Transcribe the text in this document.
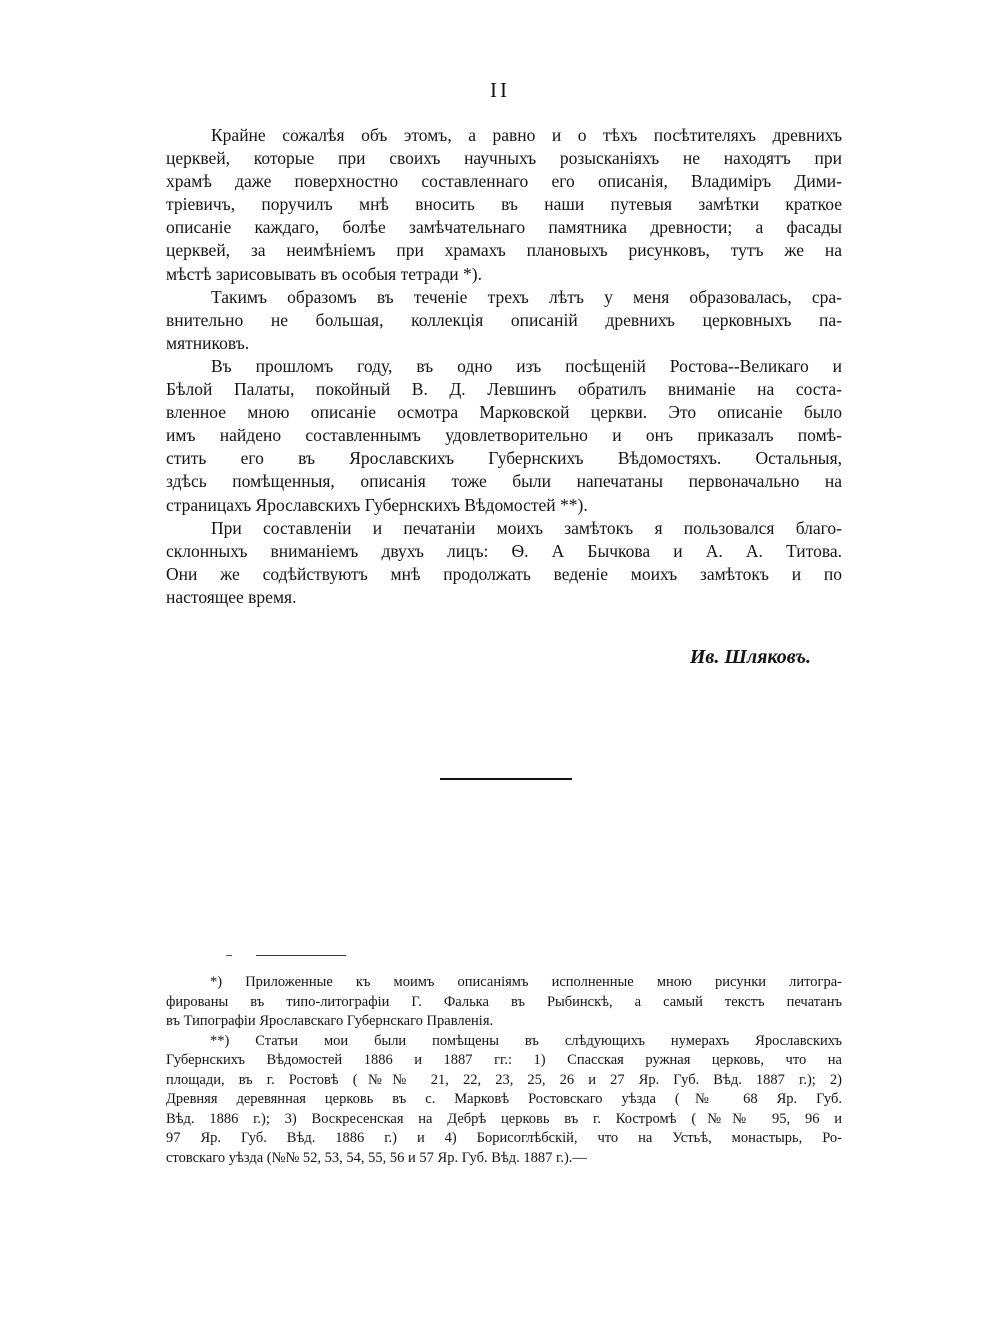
II
Крайне сожалѣя объ этомъ, а равно и о тѣхъ посѣтителяхъ древнихъ
церквей, которые при своихъ научныхъ розысканіяхъ не находятъ при
храмѣ даже поверхностно составленнаго его описанія, Владиміръ Дими-
тріевичъ, поручилъ мнѣ вносить въ наши путевыя замѣтки краткое
описаніе каждаго, болѣе замѣчательнаго памятника древности; а фасады
церквей, за неимѣніемъ при храмахъ плановыхъ рисунковъ, тутъ же на
мѣстѣ зарисовывать въ особыя тетради *).
Такимъ образомъ въ теченіе трехъ лѣтъ у меня образовалась, сра-
внительно не большая, коллекція описаній древнихъ церковныхъ па-
мятниковъ.
Въ прошломъ году, въ одно изъ посѣщеній Ростова--Великаго и
Бѣлой Палаты, покойный В. Д. Левшинъ обратилъ вниманіе на соста-
вленное мною описаніе осмотра Марковской церкви. Это описаніе было
имъ найдено составленнымъ удовлетворительно и онъ приказалъ помѣ-
стить его въ Ярославскихъ Губернскихъ Вѣдомостяхъ. Остальныя,
здѣсь помѣщенныя, описанія тоже были напечатаны первоначально на
страницахъ Ярославскихъ Губернскихъ Вѣдомостей **).
При составленіи и печатаніи моихъ замѣтокъ я пользовался благо-
склонныхъ вниманіемъ двухъ лицъ: Ѳ. А Бычкова и А. А. Титова.
Они же содѣйствуютъ мнѣ продолжать веденіе моихъ замѣтокъ и по
настоящее время.
Ив. Шляковъ.
*) Приложенные къ моимъ описаніямъ исполненные мною рисунки литогра-
фированы въ типо-литографіи Г. Фалька въ Рыбинскѣ, а самый текстъ печатанъ
въ Типографіи Ярославскаго Губернскаго Правленія.
**) Статьи мои были помѣщены въ слѣдующихъ нумерахъ Ярославскихъ
Губернскихъ Вѣдомостей 1886 и 1887 гг.: 1) Спасская ружная церковь, что на
площади, въ г. Ростовѣ (№№ 21, 22, 23, 25, 26 и 27 Яр. Губ. Вѣд. 1887 г.); 2)
Древняя деревянная церковь въ с. Марковѣ Ростовскаго уѣзда (№ 68 Яр. Губ.
Вѣд. 1886 г.); 3) Воскресенская на Дебрѣ церковь въ г. Костромѣ (№№ 95, 96 и
97 Яр. Губ. Вѣд. 1886 г.) и 4) Борисоглѣбскій, что на Устьѣ, монастырь, Ро-
стовскаго уѣзда (№№ 52, 53, 54, 55, 56 и 57 Яр. Губ. Вѣд. 1887 г.).—
